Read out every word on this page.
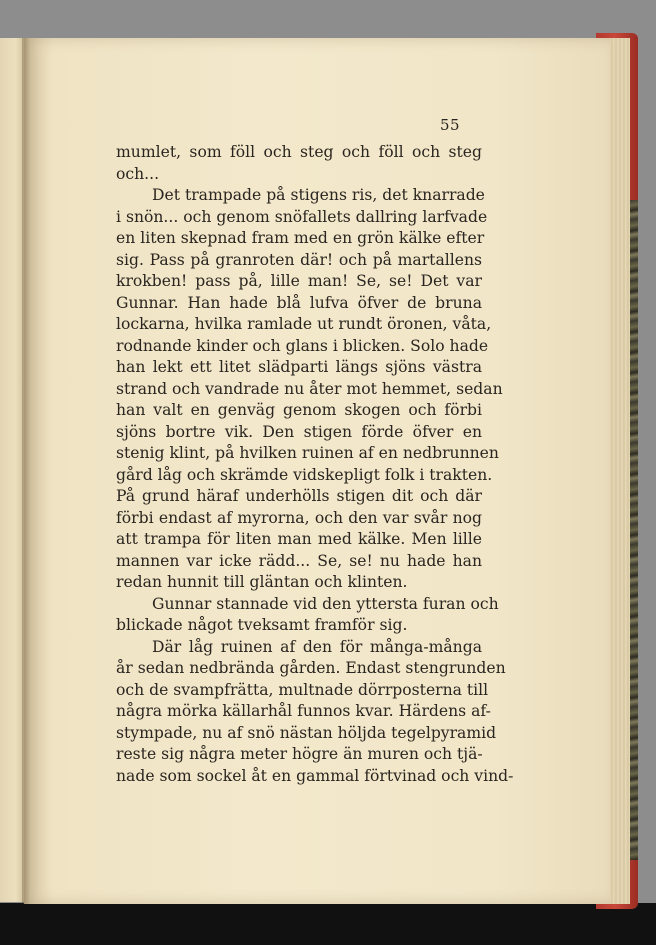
55
mumlet, som föll och steg och föll och steg
och...
Det trampade på stigens ris, det knarrade
i snön... och genom snöfallets dallring larfvade
en liten skepnad fram med en grön kälke efter
sig. Pass på granroten där! och på martallens
krokben! pass på, lille man! Se, se! Det var
Gunnar. Han hade blå lufva öfver de bruna
lockarna, hvilka ramlade ut rundt öronen, våta,
rodnande kinder och glans i blicken. Solo hade
han lekt ett litet slädparti längs sjöns västra
strand och vandrade nu åter mot hemmet, sedan
han valt en genväg genom skogen och förbi
sjöns bortre vik. Den stigen förde öfver en
stenig klint, på hvilken ruinen af en nedbrunnen
gård låg och skrämde vidskepligt folk i trakten.
På grund häraf underhölls stigen dit och där
förbi endast af myrorna, och den var svår nog
att trampa för liten man med kälke. Men lille
mannen var icke rädd... Se, se! nu hade han
redan hunnit till gläntan och klinten.
Gunnar stannade vid den yttersta furan och
blickade något tveksamt framför sig.
Där låg ruinen af den för många-många
år sedan nedbrända gården. Endast stengrunden
och de svampfrätta, multnade dörrposterna till
några mörka källarhål funnos kvar. Härdens af-
stympade, nu af snö nästan höljda tegelpyramid
reste sig några meter högre än muren och tjä-
nade som sockel åt en gammal förtvinad och vind-
